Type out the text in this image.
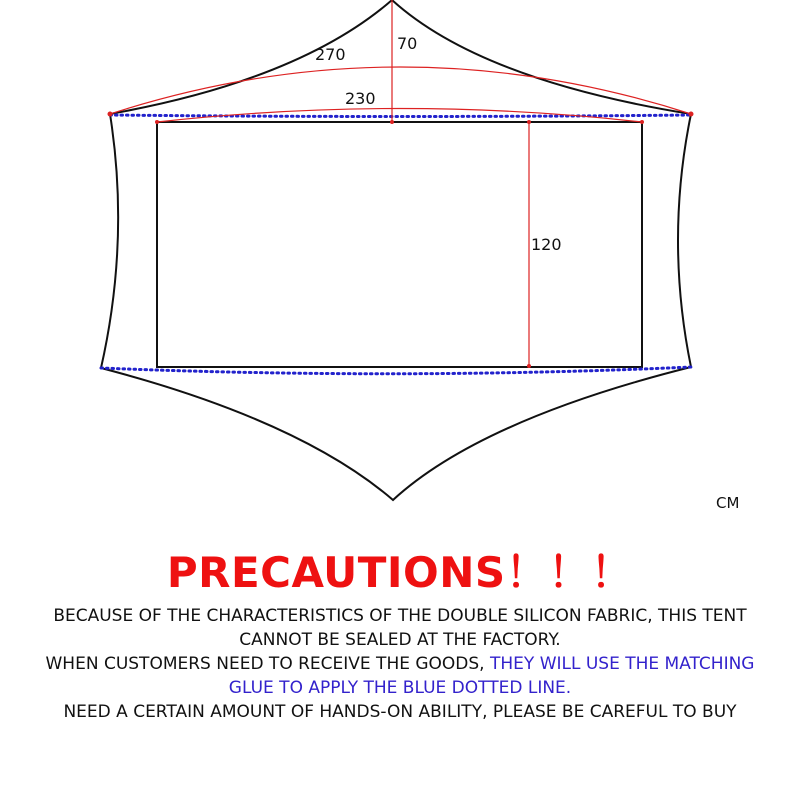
270
70
230
120
CM
PRECAUTIONS！！！

BECAUSE OF THE CHARACTERISTICS OF THE DOUBLE SILICON FABRIC, THIS TENT CANNOT BE SEALED AT THE FACTORY.

WHEN CUSTOMERS NEED TO RECEIVE THE GOODS, THEY WILL USE THE MATCHING GLUE TO APPLY THE BLUE DOTTED LINE.

NEED A CERTAIN AMOUNT OF HANDS-ON ABILITY, PLEASE BE CAREFUL TO BUY
